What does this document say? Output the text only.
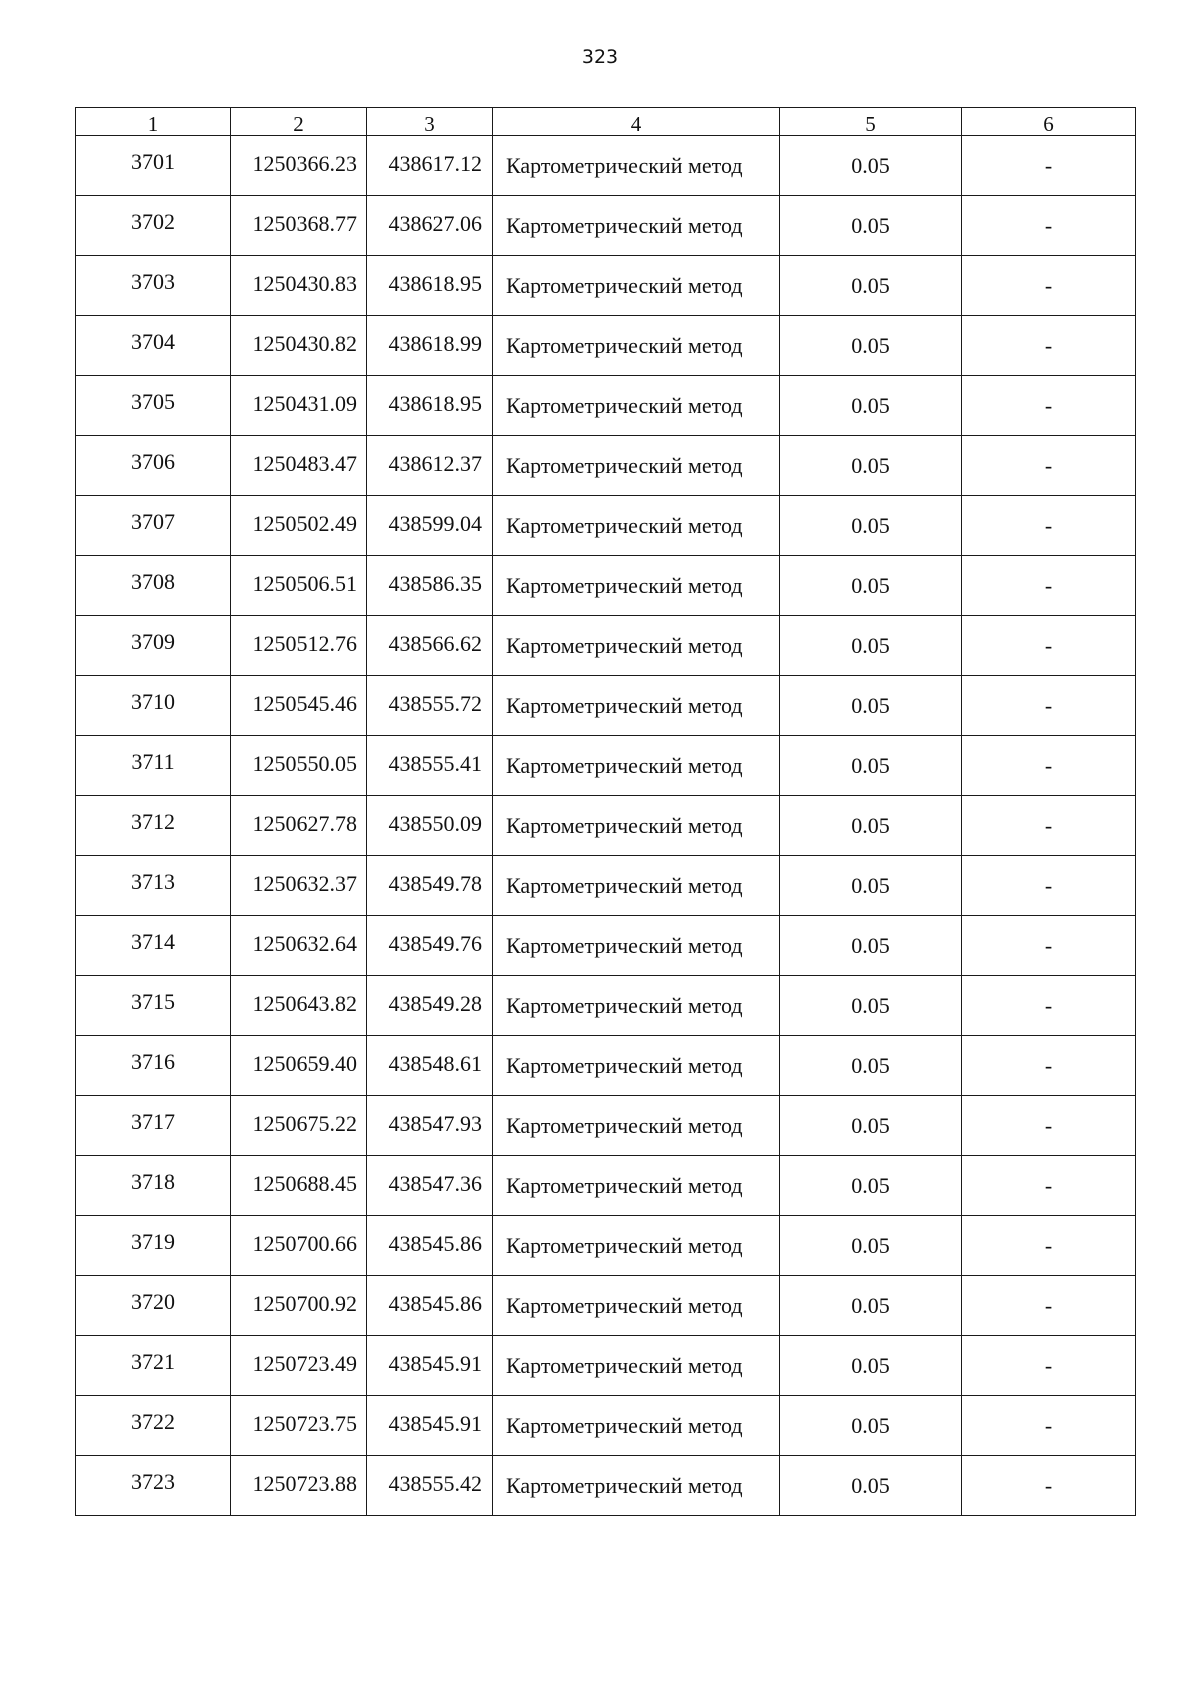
323
1	2	3	4	5	6
3701	1250366.23	438617.12	Картометрический метод	0.05	-
3702	1250368.77	438627.06	Картометрический метод	0.05	-
3703	1250430.83	438618.95	Картометрический метод	0.05	-
3704	1250430.82	438618.99	Картометрический метод	0.05	-
3705	1250431.09	438618.95	Картометрический метод	0.05	-
3706	1250483.47	438612.37	Картометрический метод	0.05	-
3707	1250502.49	438599.04	Картометрический метод	0.05	-
3708	1250506.51	438586.35	Картометрический метод	0.05	-
3709	1250512.76	438566.62	Картометрический метод	0.05	-
3710	1250545.46	438555.72	Картометрический метод	0.05	-
3711	1250550.05	438555.41	Картометрический метод	0.05	-
3712	1250627.78	438550.09	Картометрический метод	0.05	-
3713	1250632.37	438549.78	Картометрический метод	0.05	-
3714	1250632.64	438549.76	Картометрический метод	0.05	-
3715	1250643.82	438549.28	Картометрический метод	0.05	-
3716	1250659.40	438548.61	Картометрический метод	0.05	-
3717	1250675.22	438547.93	Картометрический метод	0.05	-
3718	1250688.45	438547.36	Картометрический метод	0.05	-
3719	1250700.66	438545.86	Картометрический метод	0.05	-
3720	1250700.92	438545.86	Картометрический метод	0.05	-
3721	1250723.49	438545.91	Картометрический метод	0.05	-
3722	1250723.75	438545.91	Картометрический метод	0.05	-
3723	1250723.88	438555.42	Картометрический метод	0.05	-
